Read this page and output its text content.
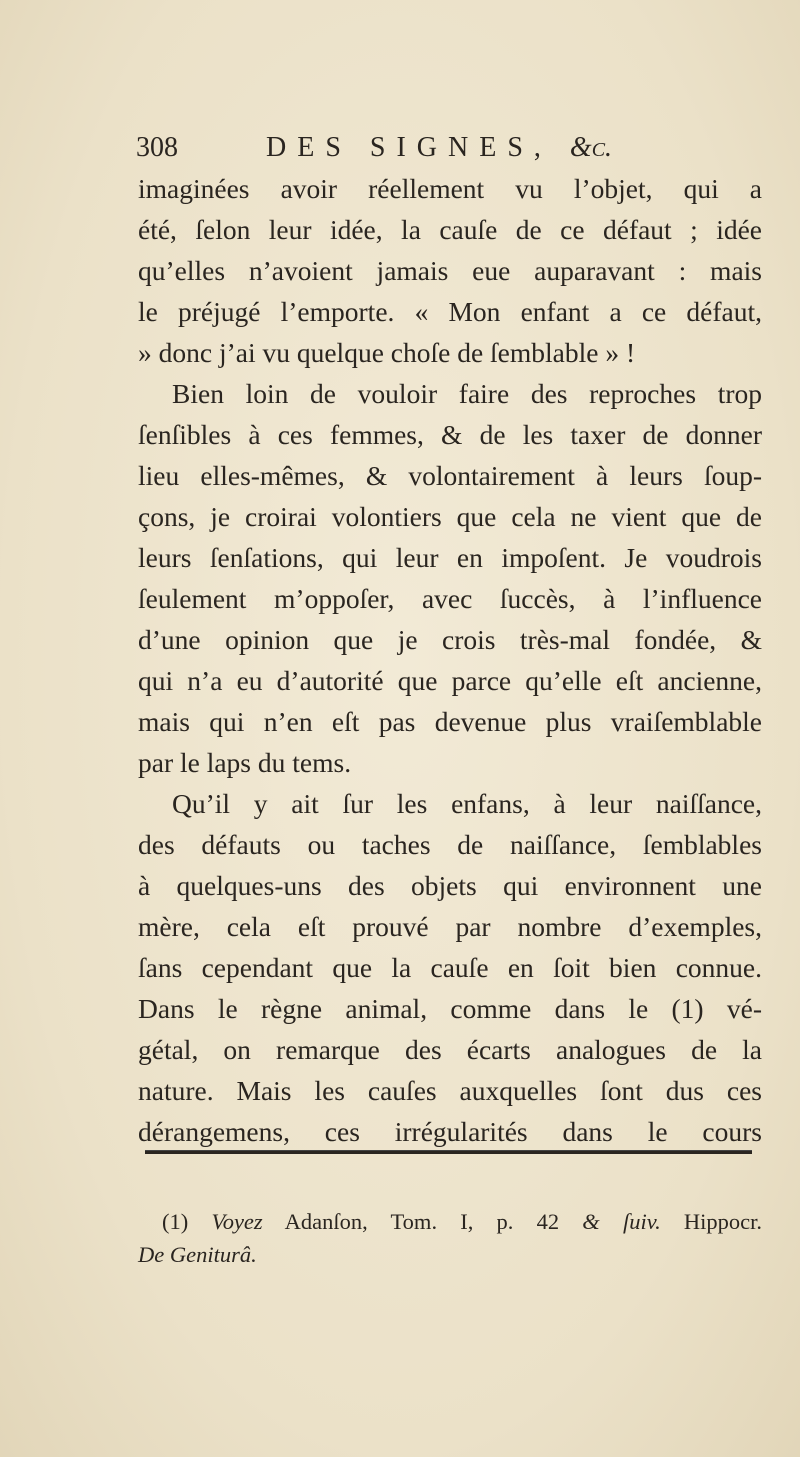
308	DES SIGNES, &c.
imaginées avoir réellement vu l’objet, qui a
été, ſelon leur idée, la cauſe de ce défaut ; idée
qu’elles n’avoient jamais eue auparavant : mais
le préjugé l’emporte. « Mon enfant a ce défaut,
» donc j’ai vu quelque choſe de ſemblable » !
Bien loin de vouloir faire des reproches trop
ſenſibles à ces femmes, & de les taxer de donner
lieu elles-mêmes, & volontairement à leurs ſoup-
çons, je croirai volontiers que cela ne vient que de
leurs ſenſations, qui leur en impoſent. Je voudrois
ſeulement m’oppoſer, avec ſuccès, à l’influence
d’une opinion que je crois très-mal fondée, &
qui n’a eu d’autorité que parce qu’elle eſt ancienne,
mais qui n’en eſt pas devenue plus vraiſemblable
par le laps du tems.
Qu’il y ait ſur les enfans, à leur naiſſance,
des défauts ou taches de naiſſance, ſemblables
à quelques-uns des objets qui environnent une
mère, cela eſt prouvé par nombre d’exemples,
ſans cependant que la cauſe en ſoit bien connue.
Dans le règne animal, comme dans le (1) vé-
gétal, on remarque des écarts analogues de la
nature. Mais les cauſes auxquelles ſont dus ces
dérangemens, ces irrégularités dans le cours
(1) Voyez Adanſon, Tom. I, p. 42 & ſuiv. Hippocr.
De Geniturâ.
